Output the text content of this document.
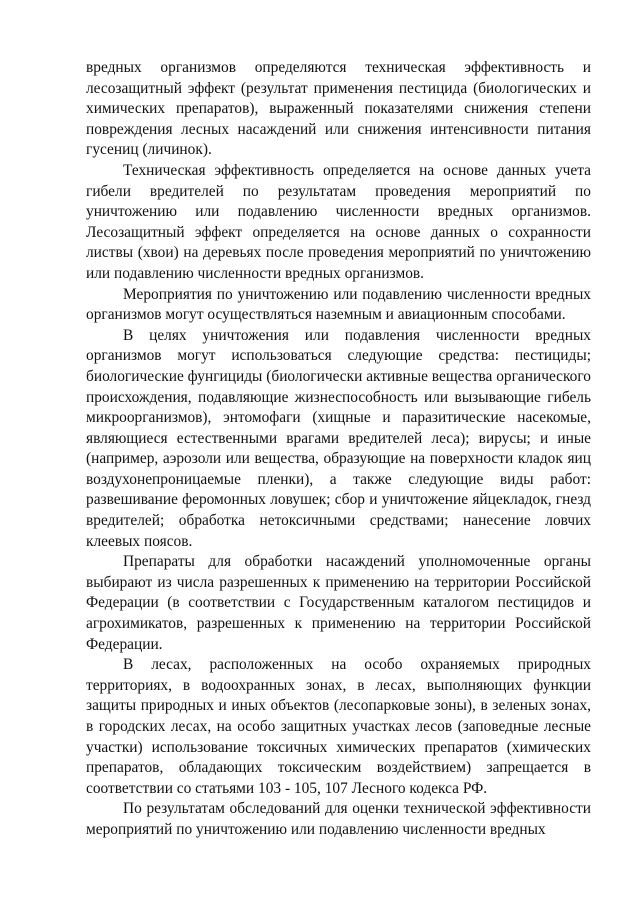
вредных организмов определяются техническая эффективность и лесозащитный эффект (результат применения пестицида (биологических и химических препаратов), выраженный показателями снижения степени повреждения лесных насаждений или снижения интенсивности питания гусениц (личинок).

Техническая эффективность определяется на основе данных учета гибели вредителей по результатам проведения мероприятий по уничтожению или подавлению численности вредных организмов. Лесозащитный эффект определяется на основе данных о сохранности листвы (хвои) на деревьях после проведения мероприятий по уничтожению или подавлению численности вредных организмов.

Мероприятия по уничтожению или подавлению численности вредных организмов могут осуществляться наземным и авиационным способами.

В целях уничтожения или подавления численности вредных организмов могут использоваться следующие средства: пестициды; биологические фунгициды (биологически активные вещества органического происхождения, подавляющие жизнеспособность или вызывающие гибель микроорганизмов), энтомофаги (хищные и паразитические насекомые, являющиеся естественными врагами вредителей леса); вирусы; и иные (например, аэрозоли или вещества, образующие на поверхности кладок яиц воздухонепроницаемые пленки), а также следующие виды работ: развешивание феромонных ловушек; сбор и уничтожение яйцекладок, гнезд вредителей; обработка нетоксичными средствами; нанесение ловчих клеевых поясов.

Препараты для обработки насаждений уполномоченные органы выбирают из числа разрешенных к применению на территории Российской Федерации (в соответствии с Государственным каталогом пестицидов и агрохимикатов, разрешенных к применению на территории Российской Федерации.

В лесах, расположенных на особо охраняемых природных территориях, в водоохранных зонах, в лесах, выполняющих функции защиты природных и иных объектов (лесопарковые зоны), в зеленых зонах, в городских лесах, на особо защитных участках лесов (заповедные лесные участки) использование токсичных химических препаратов (химических препаратов, обладающих токсическим воздействием) запрещается в соответствии со статьями 103 - 105, 107 Лесного кодекса РФ.

По результатам обследований для оценки технической эффективности мероприятий по уничтожению или подавлению численности вредных
